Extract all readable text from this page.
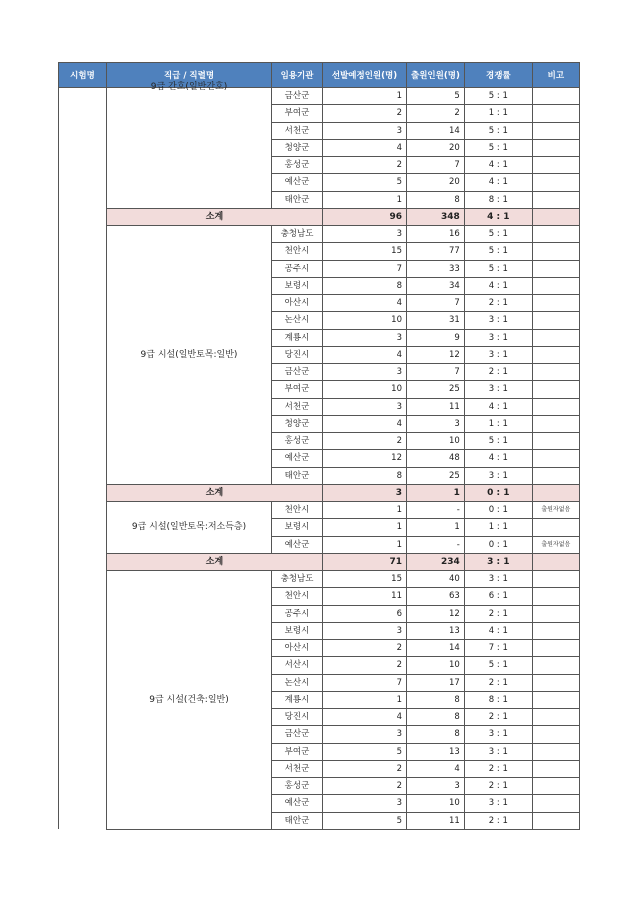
시험명	직급 / 직렬명	임용기관	선발예정인원(명)	출원인원(명)	경쟁률	비고

	9급 간호(일반간호)	금산군	1	5	5 : 1	
		부여군	2	2	1 : 1	
		서천군	3	14	5 : 1	
		청양군	4	20	5 : 1	
		홍성군	2	7	4 : 1	
		예산군	5	20	4 : 1	
		태안군	1	8	8 : 1	
	소계		96	348	4 : 1	
	9급 시설(일반토목:일반)	충청남도	3	16	5 : 1	
		천안시	15	77	5 : 1	
		공주시	7	33	5 : 1	
		보령시	8	34	4 : 1	
		아산시	4	7	2 : 1	
		논산시	10	31	3 : 1	
		계룡시	3	9	3 : 1	
		당진시	4	12	3 : 1	
		금산군	3	7	2 : 1	
		부여군	10	25	3 : 1	
		서천군	3	11	4 : 1	
		청양군	4	3	1 : 1	
		홍성군	2	10	5 : 1	
		예산군	12	48	4 : 1	
		태안군	8	25	3 : 1	
	소계		3	1	0 : 1	
	9급 시설(일반토목:저소득층)	천안시	1	-	0 : 1	출원자없음
		보령시	1	1	1 : 1	
		예산군	1	-	0 : 1	출원자없음
	소계		71	234	3 : 1	
	9급 시설(건축:일반)	충청남도	15	40	3 : 1	
		천안시	11	63	6 : 1	
		공주시	6	12	2 : 1	
		보령시	3	13	4 : 1	
		아산시	2	14	7 : 1	
		서산시	2	10	5 : 1	
		논산시	7	17	2 : 1	
		계룡시	1	8	8 : 1	
		당진시	4	8	2 : 1	
		금산군	3	8	3 : 1	
		부여군	5	13	3 : 1	
		서천군	2	4	2 : 1	
		홍성군	2	3	2 : 1	
		예산군	3	10	3 : 1	
		태안군	5	11	2 : 1	
